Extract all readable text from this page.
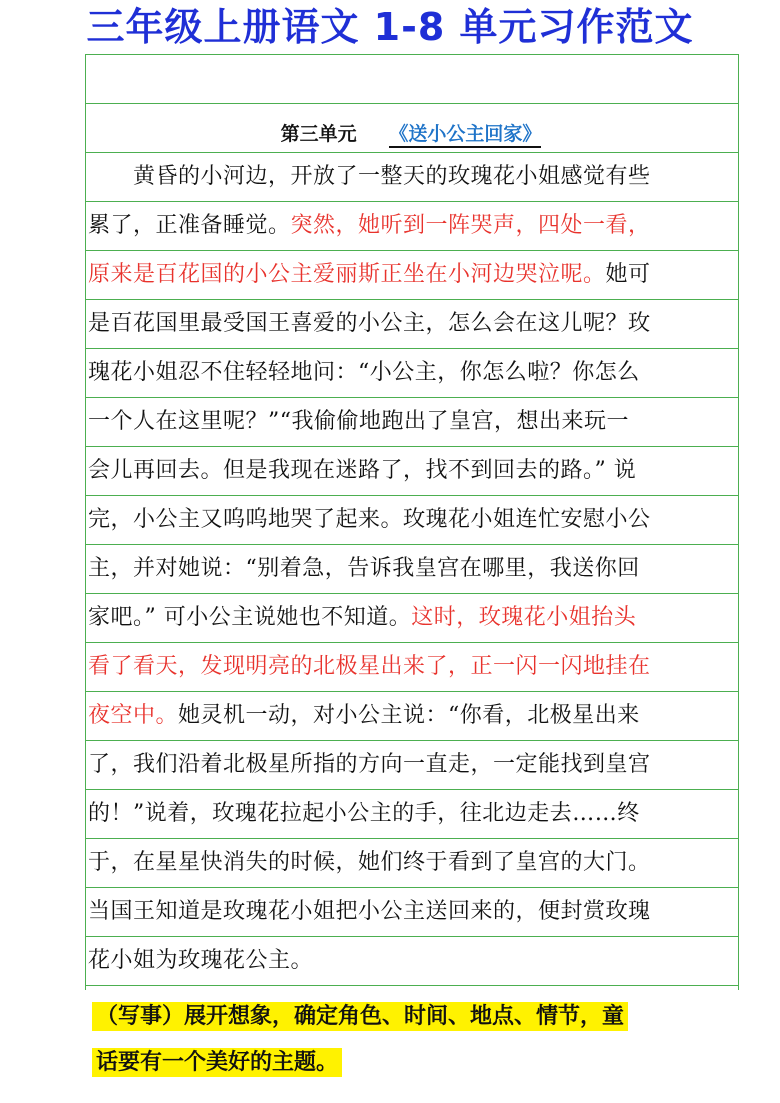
三年级上册语文 1-8 单元习作范文
第三单元 《送小公主回家》
　　黄昏的小河边，开放了一整天的玫瑰花小姐感觉有些
累了，正准备睡觉。突然，她听到一阵哭声，四处一看，
原来是百花国的小公主爱丽斯正坐在小河边哭泣呢。她可
是百花国里最受国王喜爱的小公主，怎么会在这儿呢？玫
瑰花小姐忍不住轻轻地问：“小公主，你怎么啦？你怎么
一个人在这里呢？”“我偷偷地跑出了皇宫，想出来玩一
会儿再回去。但是我现在迷路了，找不到回去的路。” 说
完，小公主又呜呜地哭了起来。玫瑰花小姐连忙安慰小公
主，并对她说：“别着急，告诉我皇宫在哪里，我送你回
家吧。” 可小公主说她也不知道。这时，玫瑰花小姐抬头
看了看天，发现明亮的北极星出来了，正一闪一闪地挂在
夜空中。她灵机一动，对小公主说：“你看，北极星出来
了，我们沿着北极星所指的方向一直走，一定能找到皇宫
的！”说着，玫瑰花拉起小公主的手，往北边走去……终
于，在星星快消失的时候，她们终于看到了皇宫的大门。
当国王知道是玫瑰花小姐把小公主送回来的，便封赏玫瑰
花小姐为玫瑰花公主。
（写事）展开想象，确定角色、时间、地点、情节，童
话要有一个美好的主题。
